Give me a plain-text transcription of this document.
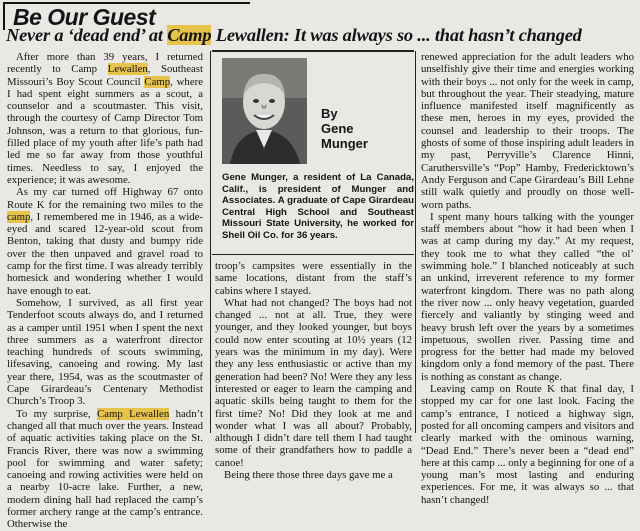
Be Our Guest
Never a ‘dead end’ at Camp Lewallen: It was always so ... that hasn’t changed

After more than 39 years, I returned recently to Camp Lewallen, Southeast Missouri’s Boy Scout Council Camp, where I had spent eight summers as a scout, a counselor and a scoutmaster. This visit, through the courtesy of Camp Director Tom Johnson, was a return to that glorious, fun-filled place of my youth after life’s path had led me so far away from those youthful times. Needless to say, I enjoyed the experience; it was awesome.

As my car turned off Highway 67 onto Route K for the remaining two miles to the camp, I remembered me in 1946, as a wide-eyed and scared 12-year-old scout from Benton, taking that dusty and bumpy ride over the then unpaved and gravel road to camp for the first time. I was already terribly homesick and wondering whether I would have enough to eat.

Somehow, I survived, as all first year Tenderfoot scouts always do, and I returned as a camper until 1951 when I spent the next three summers as a waterfront director teaching hundreds of scouts swimming, lifesaving, canoeing and rowing. My last year there, 1954, was as the scoutmaster of Cape Girardeau’s Centenary Methodist Church’s Troop 3.

To my surprise, Camp Lewallen hadn’t changed all that much over the years. Instead of aquatic activities taking place on the St. Francis River, there was now a swimming pool for swimming and water safety; canoeing and rowing activities were held on a nearby 10-acre lake. Further, a new, modern dining hall had replaced the camp’s former archery range at the camp’s entrance. Otherwise the

By
Gene
Munger
Gene Munger, a resident of La Canada, Calif., is president of Munger and Associates. A graduate of Cape Girardeau Central High School and Southeast Missouri State University, he worked for Shell Oil Co. for 36 years.

troop’s campsites were essentially in the same locations, distant from the staff’s cabins where I stayed.

What had not changed? The boys had not changed ... not at all. True, they were younger, and they looked younger, but boys could now enter scouting at 10½ years (12 years was the minimum in my day). Were they any less enthusiastic or active than my generation had been? No! Were they any less interested or eager to learn the camping and aquatic skills being taught to them for the first time? No! Did they look at me and wonder what I was all about? Probably, although I didn’t dare tell them I had taught some of their grandfathers how to paddle a canoe!

Being there those three days gave me a

renewed appreciation for the adult leaders who unselfishly give their time and energies working with their boys ... not only for the week in camp, but throughout the year. Their steadying, mature influence manifested itself magnificently as these men, heroes in my eyes, provided the counsel and leadership to their troops. The ghosts of some of those inspiring adult leaders in my past, Perryville’s Clarence Hinni, Caruthersville’s “Pop” Hamby, Fredericktown’s Andy Ferguson and Cape Girardeau’s Bill Lehne still walk quietly and proudly on those well-worn paths.

I spent many hours talking with the younger staff members about “how it had been when I was at camp during my day.” At my request, they took me to what they called “the ol’ swimming hole.” I blanched noticeably at such an unkind, irreverent reference to my former waterfront kingdom. There was no path along the river now ... only heavy vegetation, guarded fiercely and valiantly by stinging weed and heavy brush left over the years by a sometimes impetuous, swollen river. Passing time and progress for the better had made my beloved kingdom only a fond memory of the past. There is nothing as constant as change.

Leaving camp on Route K that final day, I stopped my car for one last look. Facing the camp’s entrance, I noticed a highway sign, posted for all oncoming campers and visitors and clearly marked with the ominous warning, “Dead End.” There’s never been a “dead end” here at this camp ... only a beginning for one of a young man’s most lasting and enduring experiences. For me, it was always so ... that hasn’t changed!
